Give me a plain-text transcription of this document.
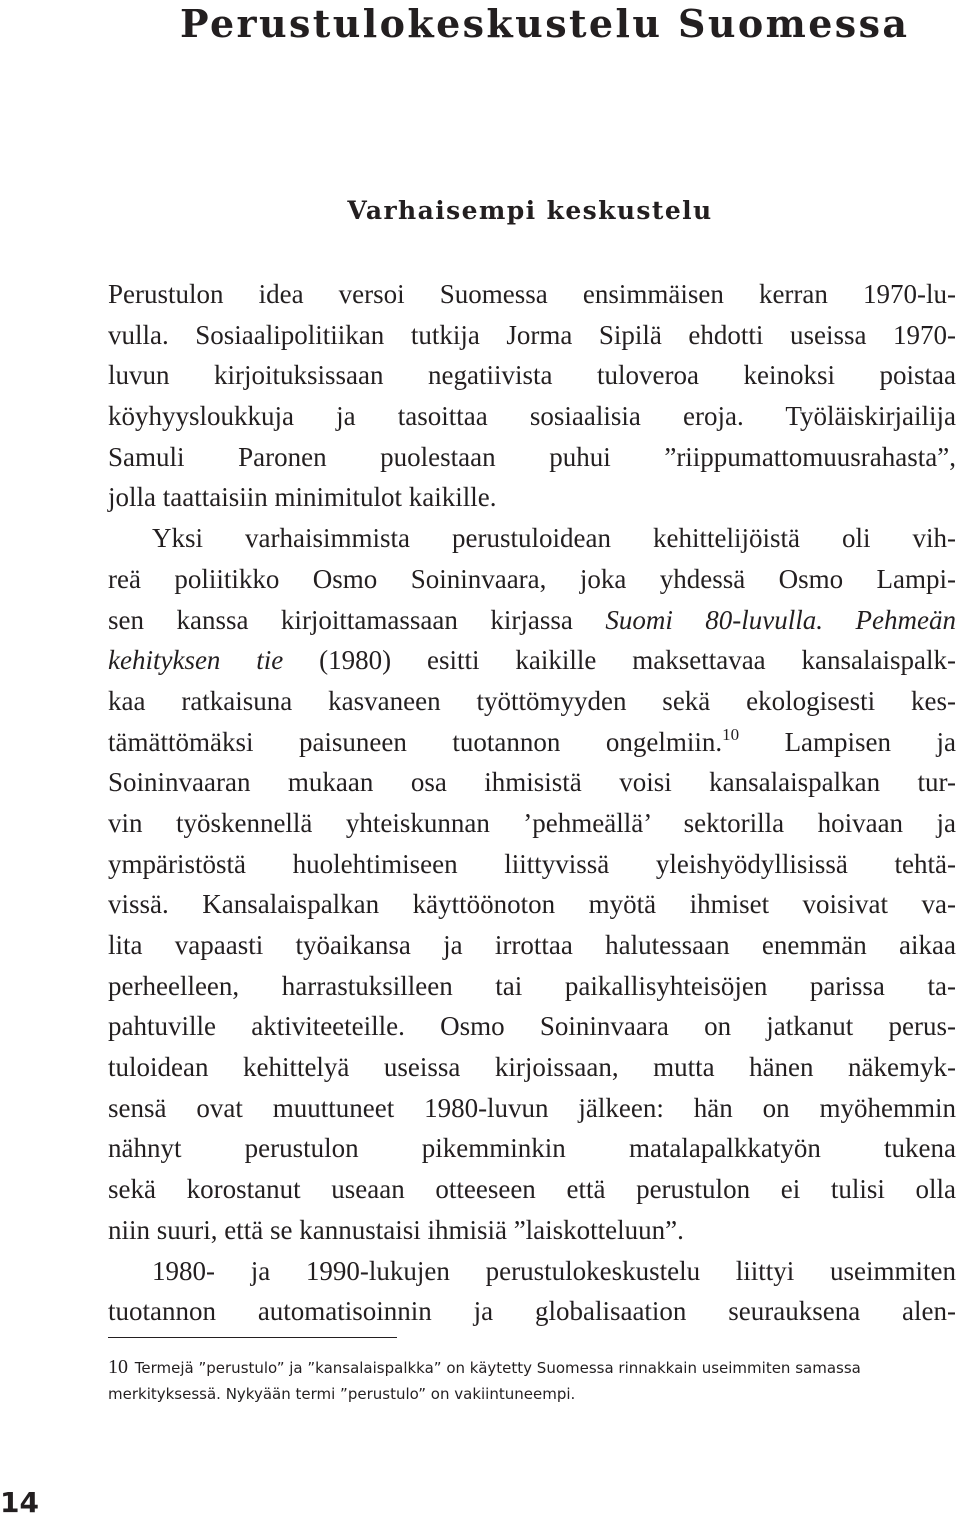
Perustulokeskustelu Suomessa
Varhaisempi keskustelu
Perustulon idea versoi Suomessa ensimmäisen kerran 1970-lu-
vulla. Sosiaalipolitiikan tutkija Jorma Sipilä ehdotti useissa 1970-
luvun kirjoituksissaan negatiivista tuloveroa keinoksi poistaa
köyhyysloukkuja ja tasoittaa sosiaalisia eroja. Työläiskirjailija
Samuli Paronen puolestaan puhui ”riippumattomuusrahasta”,
jolla taattaisiin minimitulot kaikille.
Yksi varhaisimmista perustuloidean kehittelijöistä oli vih-
reä poliitikko Osmo Soininvaara, joka yhdessä Osmo Lampi-
sen kanssa kirjoittamassaan kirjassa Suomi 80-luvulla. Pehmeän
kehityksen tie (1980) esitti kaikille maksettavaa kansalaispalk-
kaa ratkaisuna kasvaneen työttömyyden sekä ekologisesti kes-
tämättömäksi paisuneen tuotannon ongelmiin.$^{10}$ Lampisen ja
Soininvaaran mukaan osa ihmisistä voisi kansalaispalkan tur-
vin työskennellä yhteiskunnan ’pehmeällä’ sektorilla hoivaan ja
ympäristöstä huolehtimiseen liittyvissä yleishyödyllisissä tehtä-
vissä. Kansalaispalkan käyttöönoton myötä ihmiset voisivat va-
lita vapaasti työaikansa ja irrottaa halutessaan enemmän aikaa
perheelleen, harrastuksilleen tai paikallisyhteisöjen parissa ta-
pahtuville aktiviteeteille. Osmo Soininvaara on jatkanut perus-
tuloidean kehittelyä useissa kirjoissaan, mutta hänen näkemyk-
sensä ovat muuttuneet 1980-luvun jälkeen: hän on myöhemmin
nähnyt perustulon pikemminkin matalapalkkatyön tukena
sekä korostanut useaan otteeseen että perustulon ei tulisi olla
niin suuri, että se kannustaisi ihmisiä ”laiskotteluun”.
1980- ja 1990-lukujen perustulokeskustelu liittyi useimmiten
tuotannon automatisoinnin ja globalisaation seurauksena alen-
10 Termejä ”perustulo” ja ”kansalaispalkka” on käytetty Suomessa rinnakkain useimmiten samassa
merkityksessä. Nykyään termi ”perustulo” on vakiintuneempi.
14
